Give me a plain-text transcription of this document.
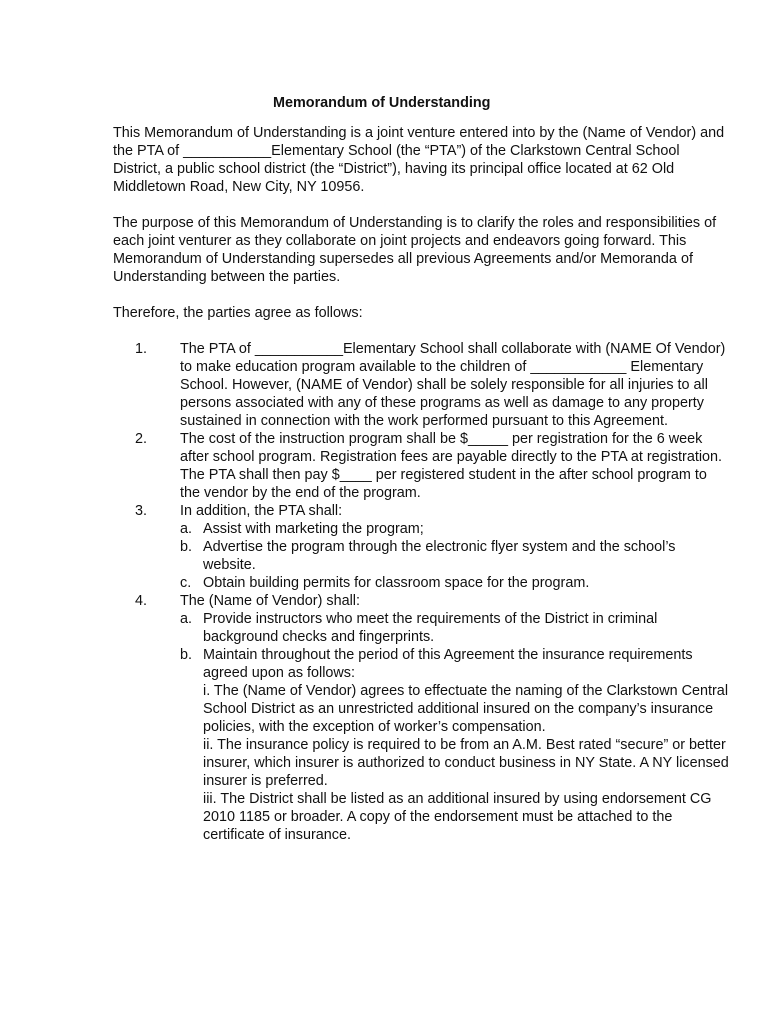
Memorandum of Understanding

This Memorandum of Understanding is a joint venture entered into by the (Name of Vendor) and the PTA of ___________Elementary School (the “PTA”) of the Clarkstown Central School District, a public school district (the “District”), having its principal office located at 62 Old Middletown Road, New City, NY 10956.

The purpose of this Memorandum of Understanding is to clarify the roles and responsibilities of each joint venturer as they collaborate on joint projects and endeavors going forward. This Memorandum of Understanding supersedes all previous Agreements and/or Memoranda of Understanding between the parties.

Therefore, the parties agree as follows:

1. The PTA of ___________Elementary School shall collaborate with (NAME Of Vendor) to make education program available to the children of ____________ Elementary School. However, (NAME of Vendor) shall be solely responsible for all injuries to all persons associated with any of these programs as well as damage to any property sustained in connection with the work performed pursuant to this Agreement.
2. The cost of the instruction program shall be $_____ per registration for the 6 week after school program. Registration fees are payable directly to the PTA at registration. The PTA shall then pay $____ per registered student in the after school program to the vendor by the end of the program.
3. In addition, the PTA shall:
a. Assist with marketing the program;
b. Advertise the program through the electronic flyer system and the school’s website.
c. Obtain building permits for classroom space for the program.
4. The (Name of Vendor) shall:
a. Provide instructors who meet the requirements of the District in criminal background checks and fingerprints.
b. Maintain throughout the period of this Agreement the insurance requirements agreed upon as follows:
i. The (Name of Vendor) agrees to effectuate the naming of the Clarkstown Central School District as an unrestricted additional insured on the company’s insurance policies, with the exception of worker’s compensation.
ii. The insurance policy is required to be from an A.M. Best rated “secure” or better insurer, which insurer is authorized to conduct business in NY State. A NY licensed insurer is preferred.
iii. The District shall be listed as an additional insured by using endorsement CG 2010 1185 or broader. A copy of the endorsement must be attached to the certificate of insurance.
